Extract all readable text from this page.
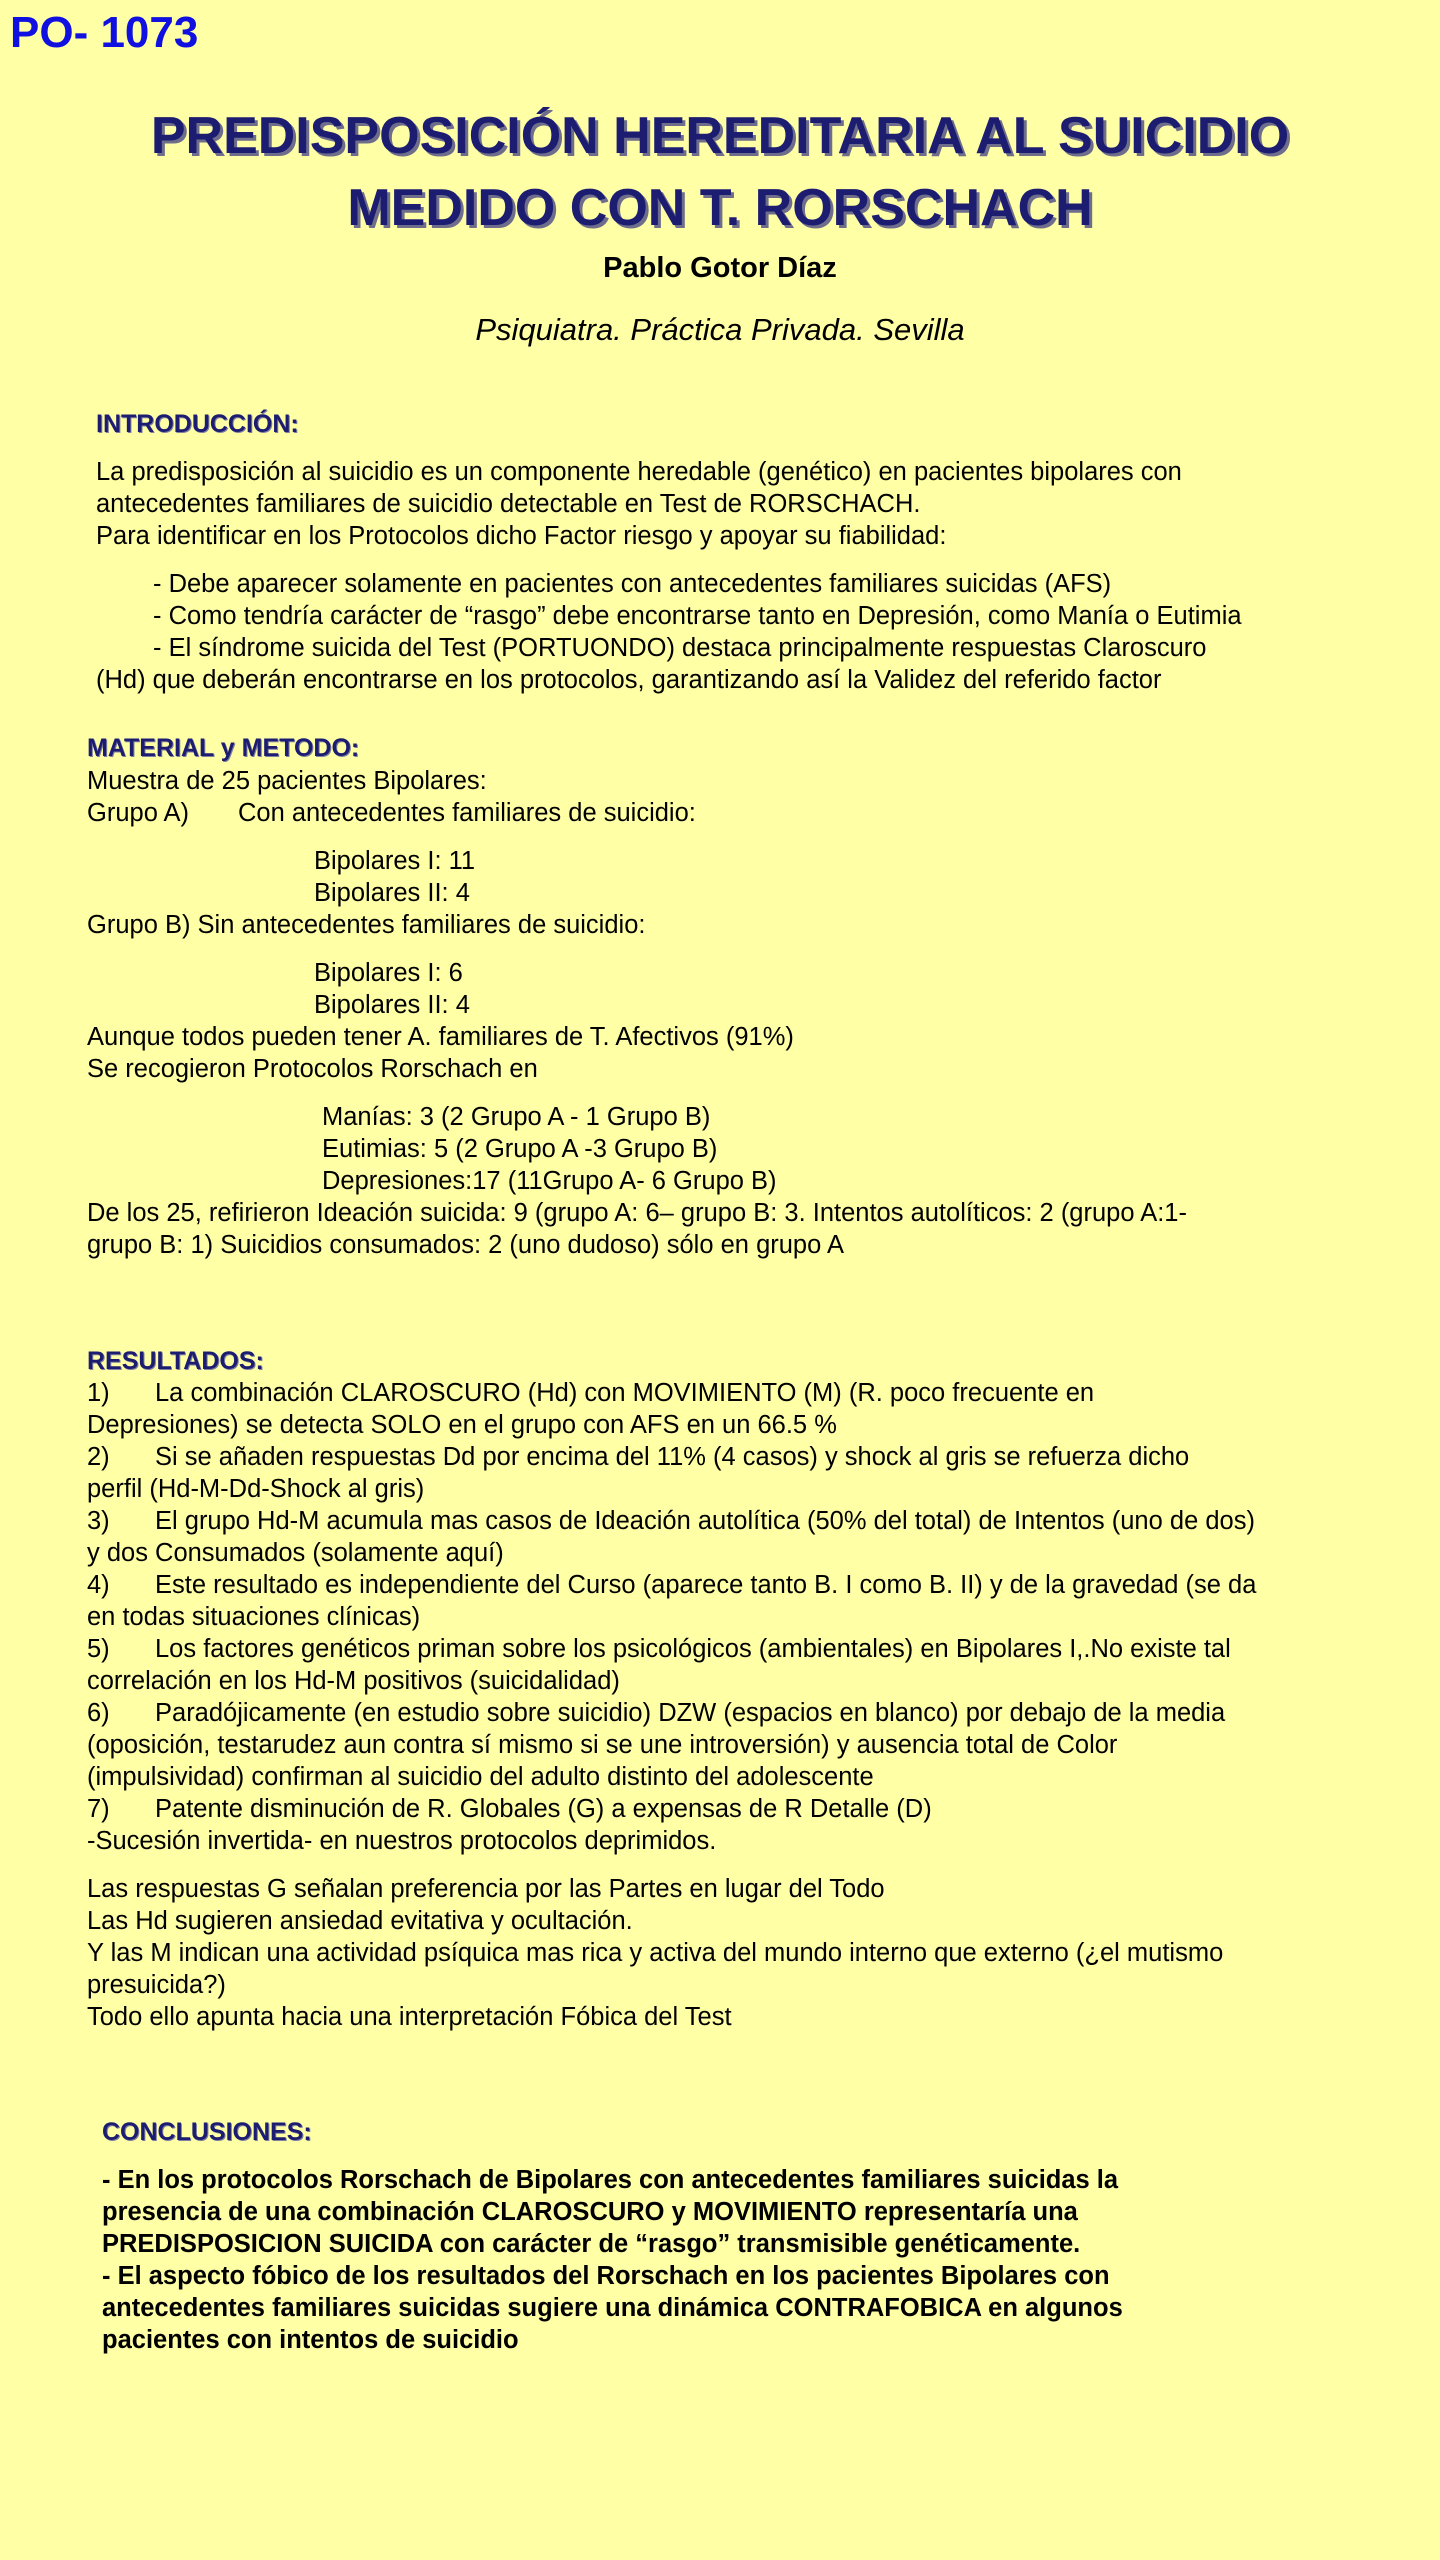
PO- 1073
PREDISPOSICIÓN HEREDITARIA AL SUICIDIO
MEDIDO CON T. RORSCHACH
Pablo Gotor Díaz
Psiquiatra. Práctica Privada. Sevilla
INTRODUCCIÓN:
La predisposición al suicidio es un componente heredable (genético) en pacientes bipolares con
antecedentes familiares de suicidio detectable en Test de RORSCHACH.
Para identificar en los Protocolos dicho Factor riesgo y apoyar su fiabilidad:
- Debe aparecer solamente en pacientes con antecedentes familiares suicidas (AFS)
- Como tendría carácter de “rasgo” debe encontrarse tanto en Depresión, como Manía o Eutimia
- El síndrome suicida del Test (PORTUONDO) destaca principalmente respuestas Claroscuro
(Hd) que deberán encontrarse en los protocolos, garantizando así la Validez del referido factor
MATERIAL y METODO:
Muestra de 25 pacientes Bipolares:
Grupo A) Con antecedentes familiares de suicidio:
Bipolares I: 11
Bipolares II: 4
Grupo B) Sin antecedentes familiares de suicidio:
Bipolares I: 6
Bipolares II: 4
Aunque todos pueden tener A. familiares de T. Afectivos (91%)
Se recogieron Protocolos Rorschach en
Manías: 3 (2 Grupo A - 1 Grupo B)
Eutimias: 5 (2 Grupo A -3 Grupo B)
Depresiones:17 (11Grupo A- 6 Grupo B)
De los 25, refirieron Ideación suicida: 9 (grupo A: 6– grupo B: 3. Intentos autolíticos: 2 (grupo A:1-
grupo B: 1) Suicidios consumados: 2 (uno dudoso) sólo en grupo A
RESULTADOS:
1) La combinación CLAROSCURO (Hd) con MOVIMIENTO (M) (R. poco frecuente en
Depresiones) se detecta SOLO en el grupo con AFS en un 66.5 %
2) Si se añaden respuestas Dd por encima del 11% (4 casos) y shock al gris se refuerza dicho
perfil (Hd-M-Dd-Shock al gris)
3) El grupo Hd-M acumula mas casos de Ideación autolítica (50% del total) de Intentos (uno de dos)
y dos Consumados (solamente aquí)
4) Este resultado es independiente del Curso (aparece tanto B. I como B. II) y de la gravedad (se da
en todas situaciones clínicas)
5) Los factores genéticos priman sobre los psicológicos (ambientales) en Bipolares I,.No existe tal
correlación en los Hd-M positivos (suicidalidad)
6) Paradójicamente (en estudio sobre suicidio) DZW (espacios en blanco) por debajo de la media
(oposición, testarudez aun contra sí mismo si se une introversión) y ausencia total de Color
(impulsividad) confirman al suicidio del adulto distinto del adolescente
7) Patente disminución de R. Globales (G) a expensas de R Detalle (D)
-Sucesión invertida- en nuestros protocolos deprimidos.
Las respuestas G señalan preferencia por las Partes en lugar del Todo
Las Hd sugieren ansiedad evitativa y ocultación.
Y las M indican una actividad psíquica mas rica y activa del mundo interno que externo (¿el mutismo
presuicida?)
Todo ello apunta hacia una interpretación Fóbica del Test
CONCLUSIONES:
- En los protocolos Rorschach de Bipolares con antecedentes familiares suicidas la
presencia de una combinación CLAROSCURO y MOVIMIENTO representaría una
PREDISPOSICION SUICIDA con carácter de “rasgo” transmisible genéticamente.
- El aspecto fóbico de los resultados del Rorschach en los pacientes Bipolares con
antecedentes familiares suicidas sugiere una dinámica CONTRAFOBICA en algunos
pacientes con intentos de suicidio
